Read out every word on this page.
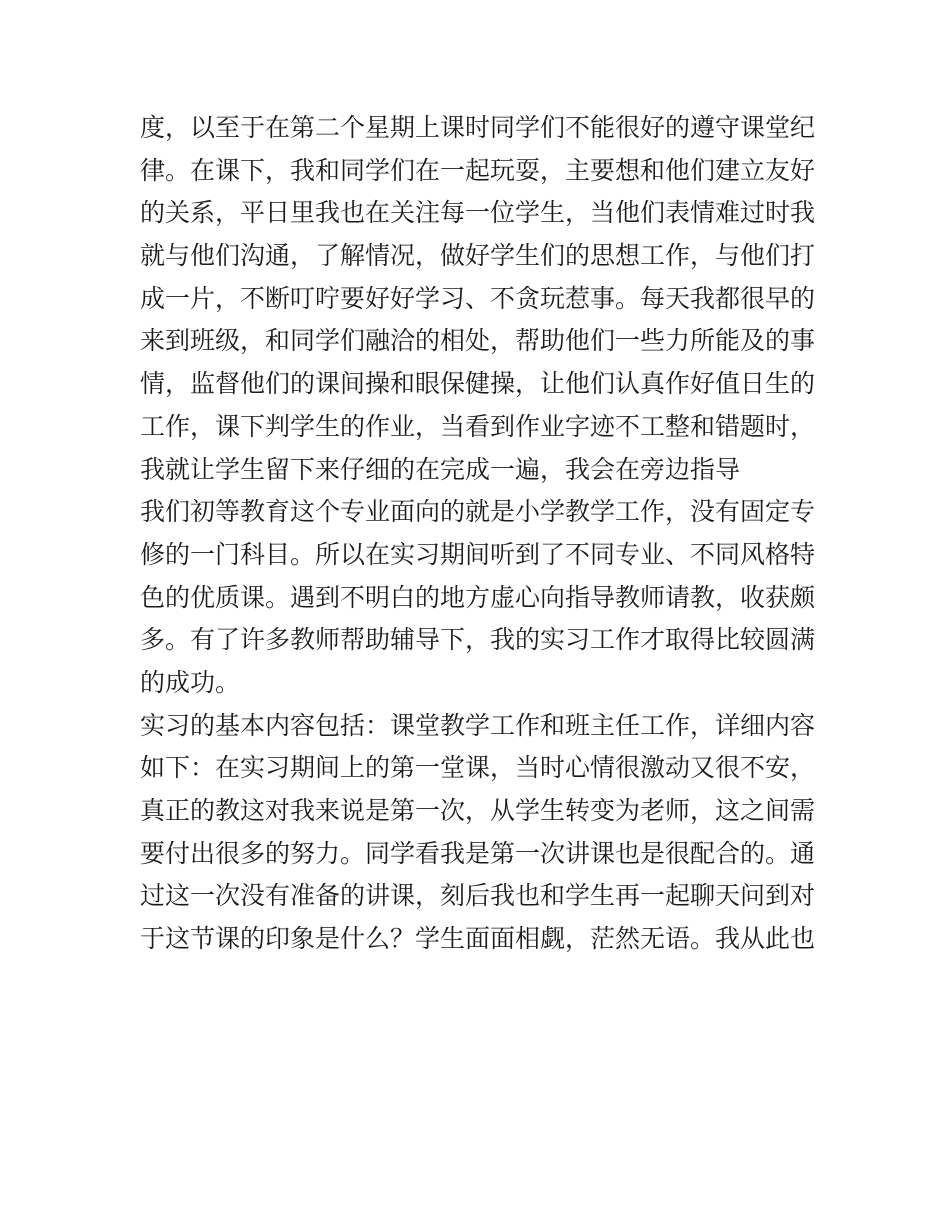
度，以至于在第二个星期上课时同学们不能很好的遵守课堂纪
律。在课下，我和同学们在一起玩耍，主要想和他们建立友好
的关系，平日里我也在关注每一位学生，当他们表情难过时我
就与他们沟通，了解情况，做好学生们的思想工作，与他们打
成一片，不断叮咛要好好学习、不贪玩惹事。每天我都很早的
来到班级，和同学们融洽的相处，帮助他们一些力所能及的事
情，监督他们的课间操和眼保健操，让他们认真作好值日生的
工作，课下判学生的作业，当看到作业字迹不工整和错题时，
我就让学生留下来仔细的在完成一遍，我会在旁边指导
我们初等教育这个专业面向的就是小学教学工作，没有固定专
修的一门科目。所以在实习期间听到了不同专业、不同风格特
色的优质课。遇到不明白的地方虚心向指导教师请教，收获颇
多。有了许多教师帮助辅导下，我的实习工作才取得比较圆满
的成功。
实习的基本内容包括：课堂教学工作和班主任工作，详细内容
如下：在实习期间上的第一堂课，当时心情很激动又很不安，
真正的教这对我来说是第一次，从学生转变为老师，这之间需
要付出很多的努力。同学看我是第一次讲课也是很配合的。通
过这一次没有准备的讲课，刻后我也和学生再一起聊天问到对
于这节课的印象是什么？学生面面相觑，茫然无语。我从此也
